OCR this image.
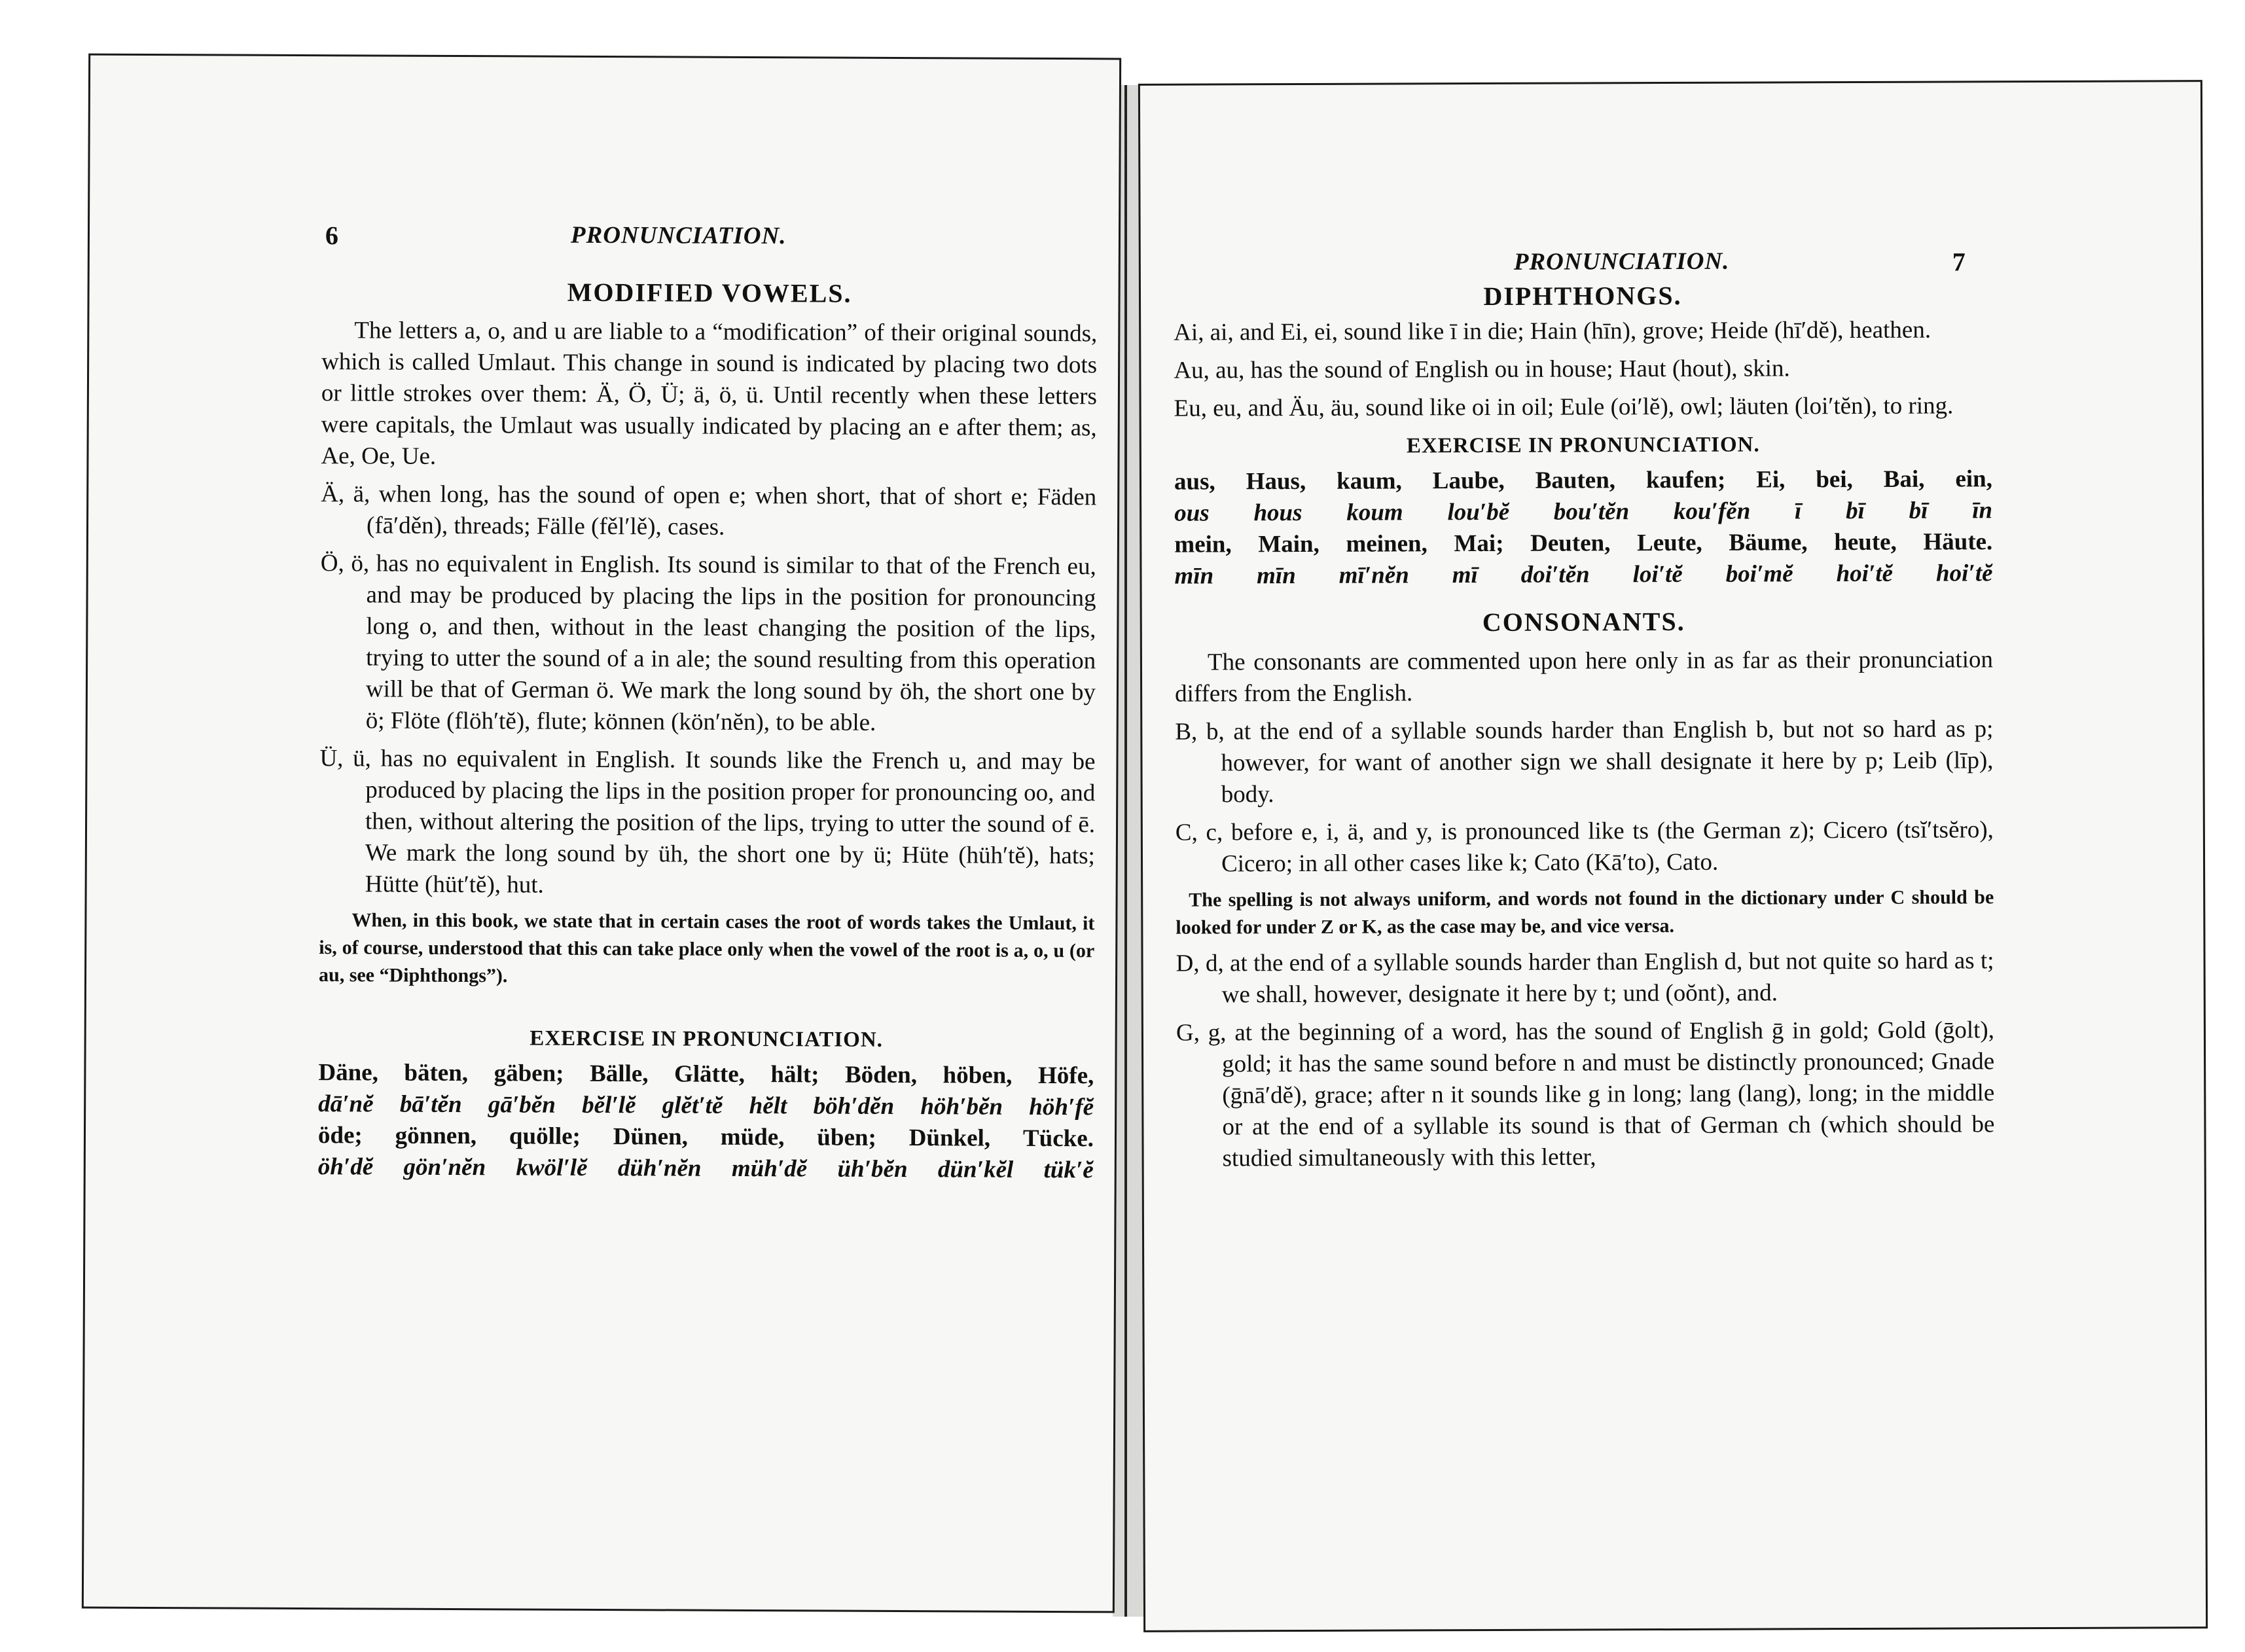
6	PRONUNCIATION.
MODIFIED VOWELS.

The letters a, o, and u are liable to a “modification” of their original sounds, which is called Umlaut. This change in sound is indicated by placing two dots or little strokes over them: Ä, Ö, Ü; ä, ö, ü. Until recently when these letters were capitals, the Umlaut was usually indicated by placing an e after them; as, Ae, Oe, Ue.

Ä, ä, when long, has the sound of open e; when short, that of short e; Fäden (fā′děn), threads; Fälle (fěl′lě), cases.

Ö, ö, has no equivalent in English. Its sound is similar to that of the French eu, and may be produced by placing the lips in the position for pronouncing long o, and then, without in the least changing the position of the lips, trying to utter the sound of a in ale; the sound resulting from this operation will be that of German ö. We mark the long sound by öh, the short one by ö; Flöte (flöh′tĕ), flute; können (kön′nĕn), to be able.

Ü, ü, has no equivalent in English. It sounds like the French u, and may be produced by placing the lips in the position proper for pronouncing oo, and then, without altering the position of the lips, trying to utter the sound of ē. We mark the long sound by üh, the short one by ü; Hüte (hüh′tĕ), hats; Hütte (hüt′tĕ), hut.

When, in this book, we state that in certain cases the root of words takes the Umlaut, it is, of course, understood that this can take place only when the vowel of the root is a, o, u (or au, see “Diphthongs”).

EXERCISE IN PRONUNCIATION.
Däne, bäten, gäben; Bälle, Glätte, hält; Böden, höben, Höfe,
dā′nĕ bā′tĕn gā′bĕn bĕl′lĕ glĕt′tĕ hĕlt böh′dĕn höh′bĕn höh′fĕ
öde; gönnen, quölle; Dünen, müde, üben; Dünkel, Tücke.
öh′dĕ gön′nĕn kwöl′lĕ düh′nĕn müh′dĕ üh′bĕn dün′kĕl tük′ĕ
PRONUNCIATION.	7
DIPHTHONGS.

Ai, ai, and Ei, ei, sound like ī in die; Hain (hīn), grove; Heide (hī′dĕ), heathen.

Au, au, has the sound of English ou in house; Haut (hout), skin.

Eu, eu, and Äu, äu, sound like oi in oil; Eule (oi′lĕ), owl; läuten (loi′tĕn), to ring.

EXERCISE IN PRONUNCIATION.
aus, Haus, kaum, Laube, Bauten, kaufen; Ei, bei, Bai, ein,
ous hous koum lou′bĕ bou′tĕn kou′fĕn ī bī bī īn
mein, Main, meinen, Mai; Deuten, Leute, Bäume, heute, Häute.
mīn mīn mī′nĕn mī doi′tĕn loi′tĕ boi′mĕ hoi′tĕ hoi′tĕ
CONSONANTS.

The consonants are commented upon here only in as far as their pronunciation differs from the English.

B, b, at the end of a syllable sounds harder than English b, but not so hard as p; however, for want of another sign we shall designate it here by p; Leib (līp), body.

C, c, before e, i, ä, and y, is pronounced like ts (the German z); Cicero (tsĭ′tsĕro), Cicero; in all other cases like k; Cato (Kā′to), Cato.

The spelling is not always uniform, and words not found in the dictionary under C should be looked for under Z or K, as the case may be, and vice versa.

D, d, at the end of a syllable sounds harder than English d, but not quite so hard as t; we shall, however, designate it here by t; und (oŏnt), and.

G, g, at the beginning of a word, has the sound of English ḡ in gold; Gold (ḡolt), gold; it has the same sound before n and must be distinctly pronounced; Gnade (ḡnā′dĕ), grace; after n it sounds like g in long; lang (lang), long; in the middle or at the end of a syllable its sound is that of German ch (which should be studied simultaneously with this letter,
